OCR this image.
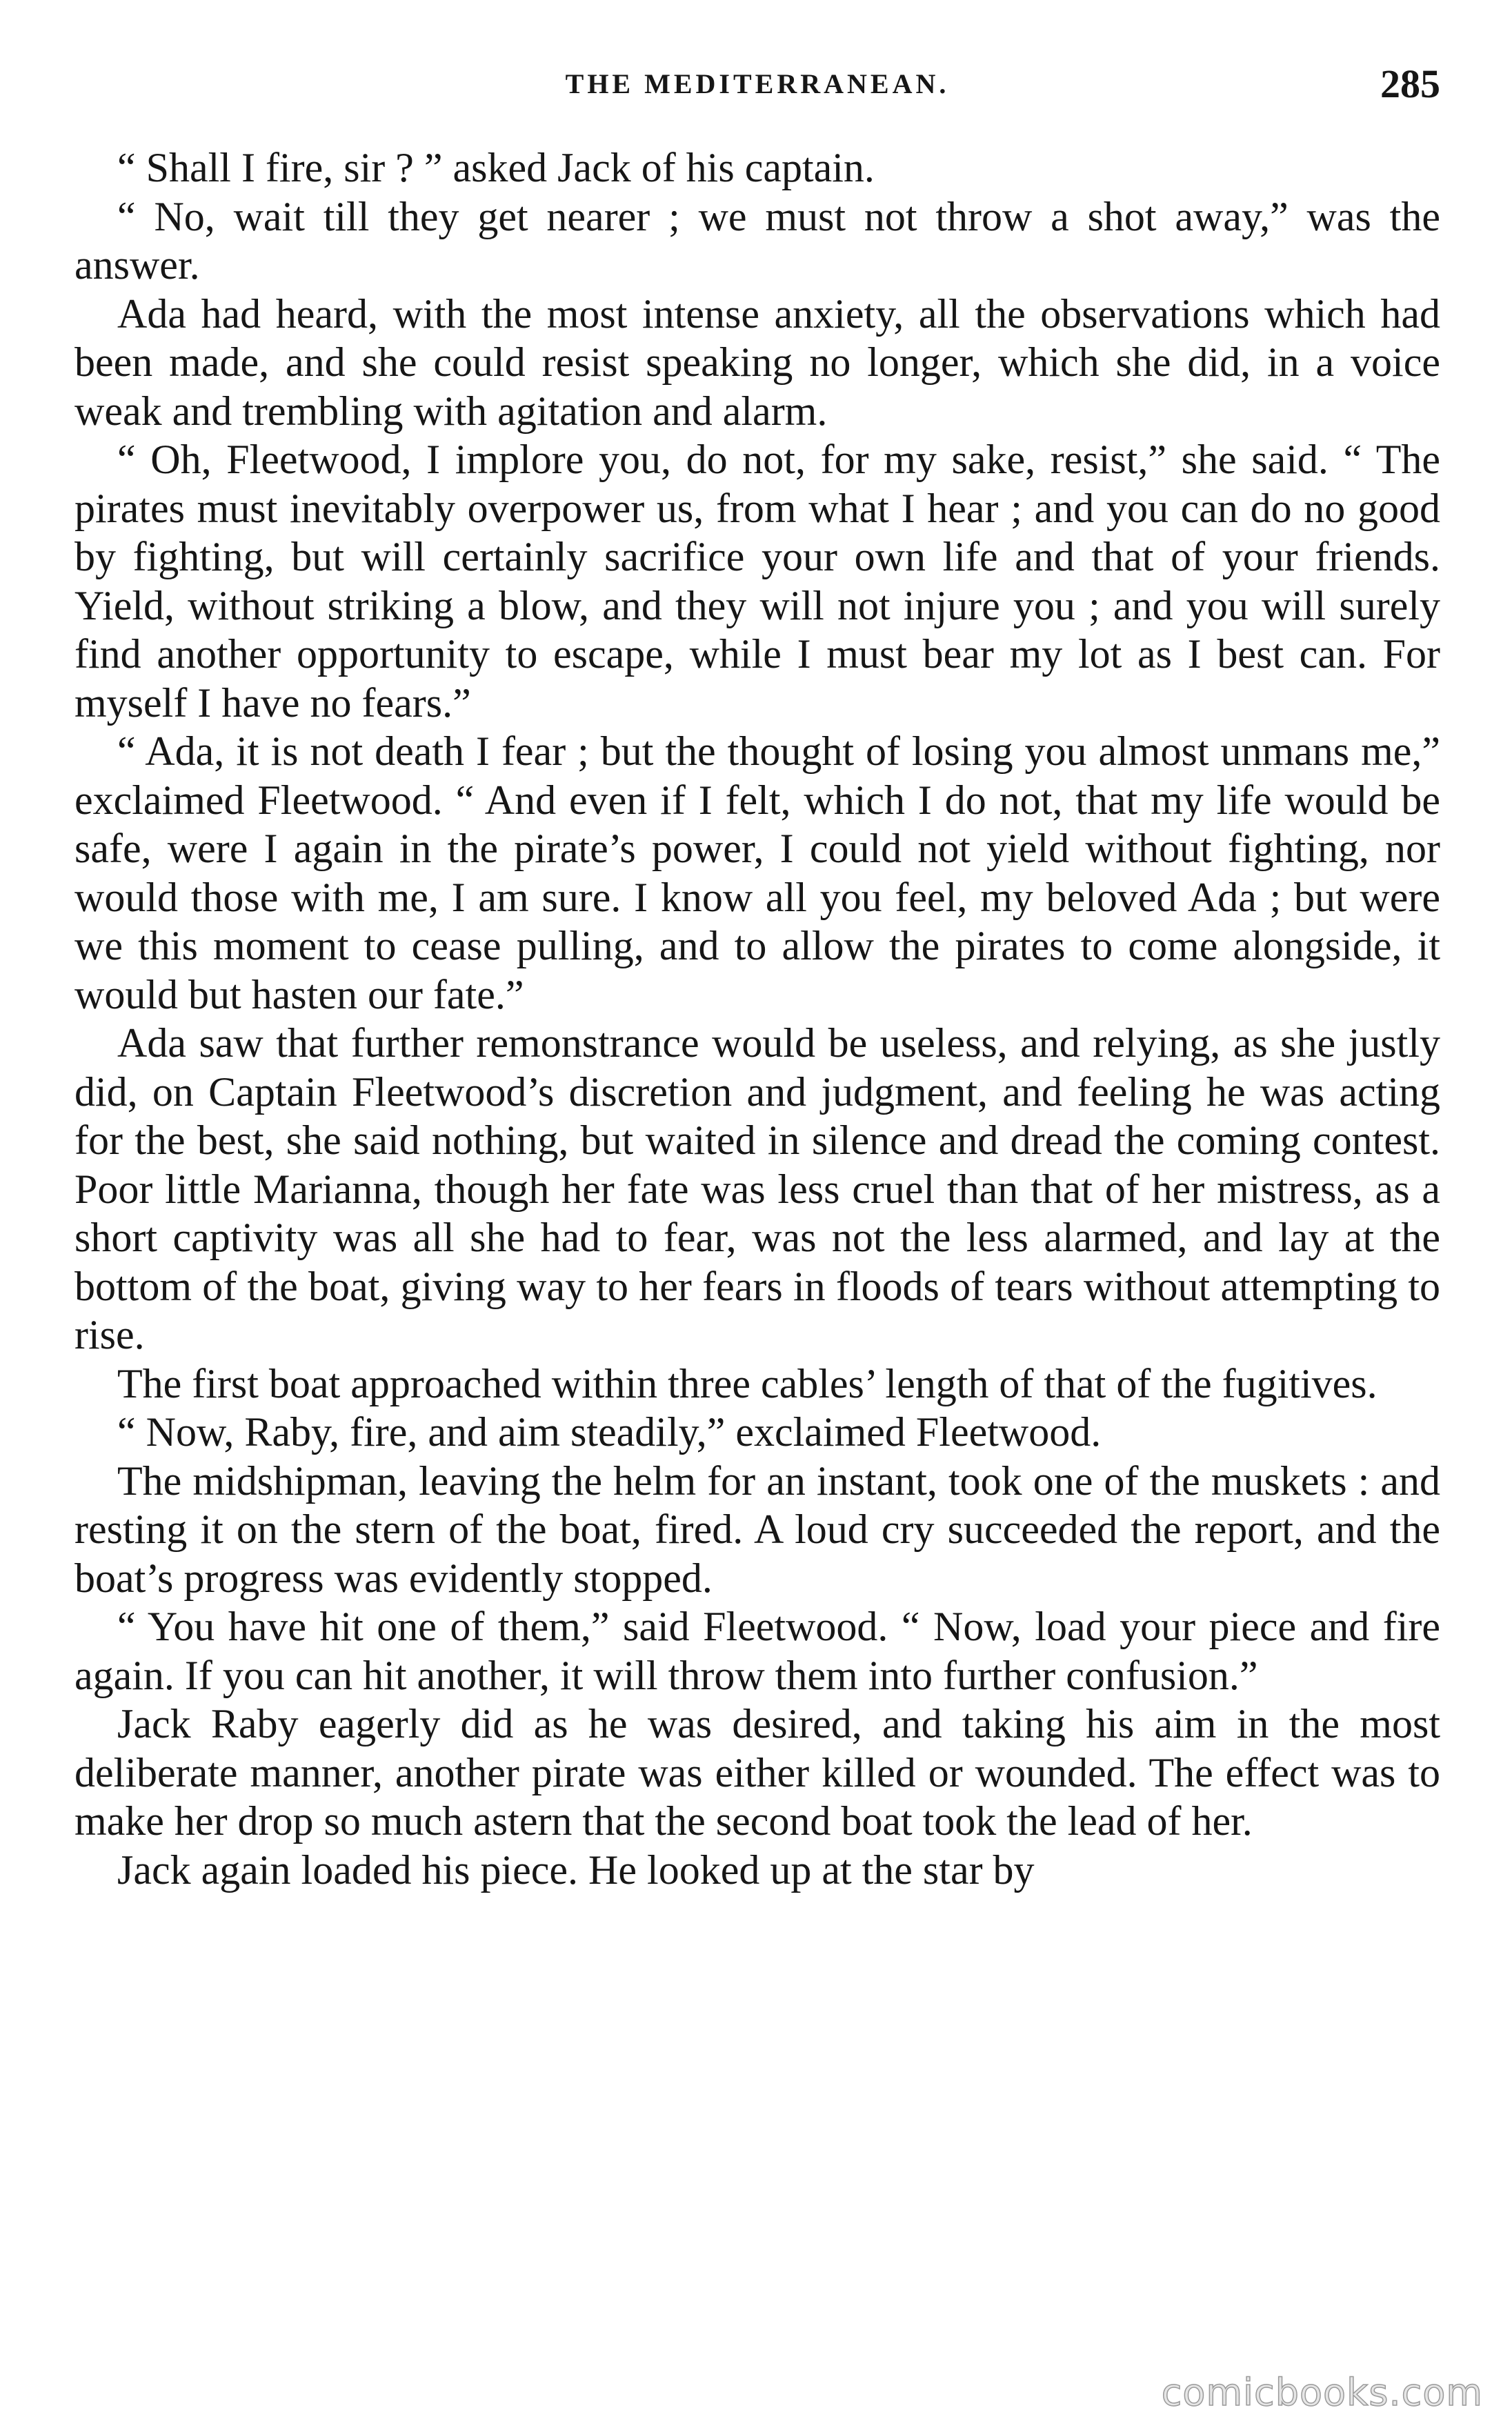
THE MEDITERRANEAN.	285

“ Shall I fire, sir ? ” asked Jack of his captain.

“ No, wait till they get nearer ; we must not throw a shot away,” was the answer.

Ada had heard, with the most intense anxiety, all the observations which had been made, and she could resist speaking no longer, which she did, in a voice weak and trembling with agitation and alarm.

“ Oh, Fleetwood, I implore you, do not, for my sake, resist,” she said. “ The pirates must inevitably overpower us, from what I hear ; and you can do no good by fighting, but will certainly sacrifice your own life and that of your friends. Yield, without striking a blow, and they will not injure you ; and you will surely find another opportunity to escape, while I must bear my lot as I best can. For myself I have no fears.”

“ Ada, it is not death I fear ; but the thought of losing you almost unmans me,” exclaimed Fleetwood. “ And even if I felt, which I do not, that my life would be safe, were I again in the pirate’s power, I could not yield without fighting, nor would those with me, I am sure. I know all you feel, my beloved Ada ; but were we this moment to cease pulling, and to allow the pirates to come alongside, it would but hasten our fate.”

Ada saw that further remonstrance would be useless, and relying, as she justly did, on Captain Fleetwood’s discretion and judgment, and feeling he was acting for the best, she said nothing, but waited in silence and dread the coming contest. Poor little Marianna, though her fate was less cruel than that of her mistress, as a short captivity was all she had to fear, was not the less alarmed, and lay at the bottom of the boat, giving way to her fears in floods of tears without attempting to rise.

The first boat approached within three cables’ length of that of the fugitives.

“ Now, Raby, fire, and aim steadily,” exclaimed Fleetwood.

The midshipman, leaving the helm for an instant, took one of the muskets : and resting it on the stern of the boat, fired. A loud cry succeeded the report, and the boat’s progress was evidently stopped.

“ You have hit one of them,” said Fleetwood. “ Now, load your piece and fire again. If you can hit another, it will throw them into further confusion.”

Jack Raby eagerly did as he was desired, and taking his aim in the most deliberate manner, another pirate was either killed or wounded. The effect was to make her drop so much astern that the second boat took the lead of her.

Jack again loaded his piece. He looked up at the star by

comicbooks.com
